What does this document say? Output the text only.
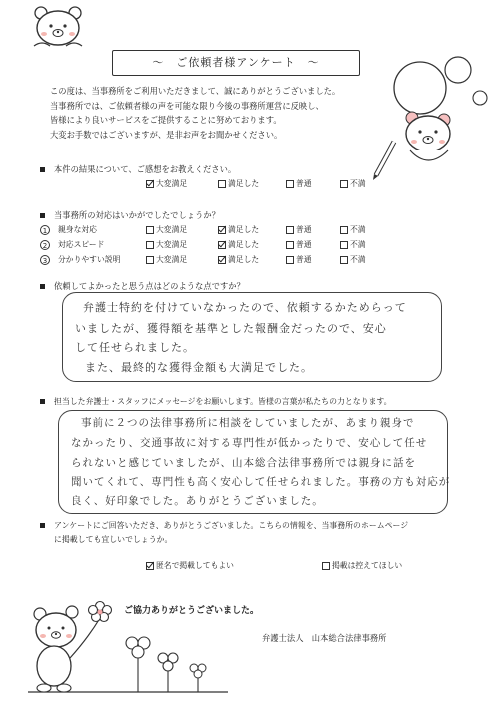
～　ご依頼者様アンケート　～
この度は、当事務所をご利用いただきまして、誠にありがとうございました。
当事務所では、ご依頼者様の声を可能な限り今後の事務所運営に反映し、
皆様により良いサービスをご提供することに努めております。
大変お手数ではございますが、是非お声をお聞かせください。
本件の結果について、ご感想をお教えください。
大変満足	満足した	普通	不満
当事務所の対応はいかがでしたでしょうか？
1 親身な対応	大変満足	満足した	普通	不満
2 対応スピード	大変満足	満足した	普通	不満
3 分かりやすい説明	大変満足	満足した	普通	不満
依頼してよかったと思う点はどのような点ですか？
弁護士特約を付けていなかったので、依頼するかためらって
いましたが、獲得額を基準とした報酬金だったので、安心
して任せられました。
また、最終的な獲得金額も大満足でした。
担当した弁護士・スタッフにメッセージをお願いします。皆様の言葉が私たちの力となります。
事前に２つの法律事務所に相談をしていましたが、あまり親身で
なかったり、交通事故に対する専門性が低かったりで、安心して任せ
られないと感じていましたが、山本総合法律事務所では親身に話を
聞いてくれて、専門性も高く安心して任せられました。事務の方も対応が
良く、好印象でした。ありがとうございました。
アンケートにご回答いただき、ありがとうございました。こちらの情報を、当事務所のホームページ
に掲載しても宜しいでしょうか。
匿名で掲載してもよい	掲載は控えてほしい
ご協力ありがとうございました。
弁護士法人　山本総合法律事務所
